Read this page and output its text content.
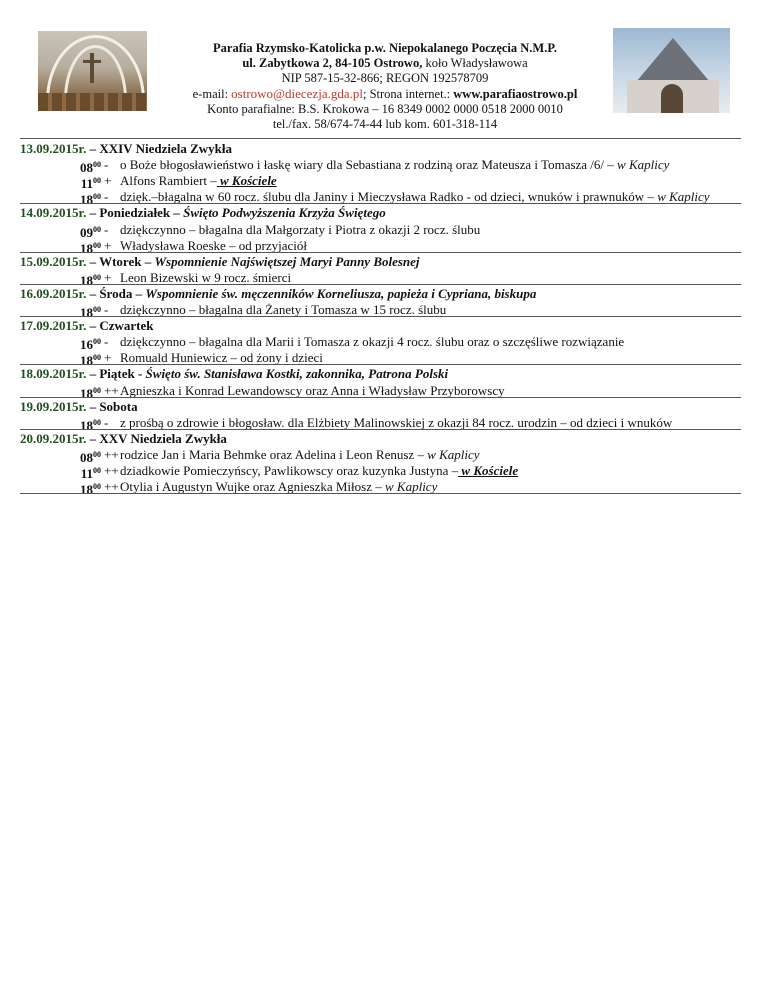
Parafia Rzymsko-Katolicka p.w. Niepokalanego Poczęcia N.M.P.
ul. Zabytkowa 2, 84-105 Ostrowo, koło Władysławowa
NIP 587-15-32-866; REGON 192578709
e-mail: ostrowo@diecezja.gda.pl; Strona internet.: www.parafiaostrowo.pl
Konto parafialne: B.S. Krokowa – 16 8349 0002 0000 0518 2000 0010
tel./fax. 58/674-74-44 lub kom. 601-318-114
13.09.2015r. – XXIV Niedziela Zwykła
$08^{00}$ - o Boże błogosławieństwo i łaskę wiary dla Sebastiana z rodziną oraz Mateusza i Tomasza /6/ – w Kaplicy
$11^{00}$ + Alfons Rambiert – w Kościele
$18^{00}$ - dzięk.–błagalna w 60 rocz. ślubu dla Janiny i Mieczysława Radko - od dzieci, wnuków i prawnuków – w Kaplicy
14.09.2015r. – Poniedziałek – Święto Podwyższenia Krzyża Świętego
$09^{00}$ - dziękczynno – błagalna dla Małgorzaty i Piotra z okazji 2 rocz. ślubu
$18^{00}$ + Władysława Roeske – od przyjaciół
15.09.2015r. – Wtorek – Wspomnienie Najświętszej Maryi Panny Bolesnej
$18^{00}$ + Leon Bizewski w 9 rocz. śmierci
16.09.2015r. – Środa – Wspomnienie św. męczenników Korneliusza, papieża i Cypriana, biskupa
$18^{00}$ - dziękczynno – błagalna dla Żanety i Tomasza w 15 rocz. ślubu
17.09.2015r. – Czwartek
$16^{00}$ - dziękczynno – błagalna dla Marii i Tomasza z okazji 4 rocz. ślubu oraz o szczęśliwe rozwiązanie
$18^{00}$ + Romuald Huniewicz – od żony i dzieci
18.09.2015r. – Piątek - Święto św. Stanisława Kostki, zakonnika, Patrona Polski
$18^{00}$ ++ Agnieszka i Konrad Lewandowscy oraz Anna i Władysław Przyborowscy
19.09.2015r. – Sobota
$18^{00}$ - z prośbą o zdrowie i błogosław. dla Elżbiety Malinowskiej z okazji 84 rocz. urodzin – od dzieci i wnuków
20.09.2015r. – XXV Niedziela Zwykła
$08^{00}$ ++ rodzice Jan i Maria Behmke oraz Adelina i Leon Renusz – w Kaplicy
$11^{00}$ ++ dziadkowie Pomieczyńscy, Pawlikowscy oraz kuzynka Justyna – w Kościele
$18^{00}$ ++ Otylia i Augustyn Wujke oraz Agnieszka Miłosz – w Kaplicy
